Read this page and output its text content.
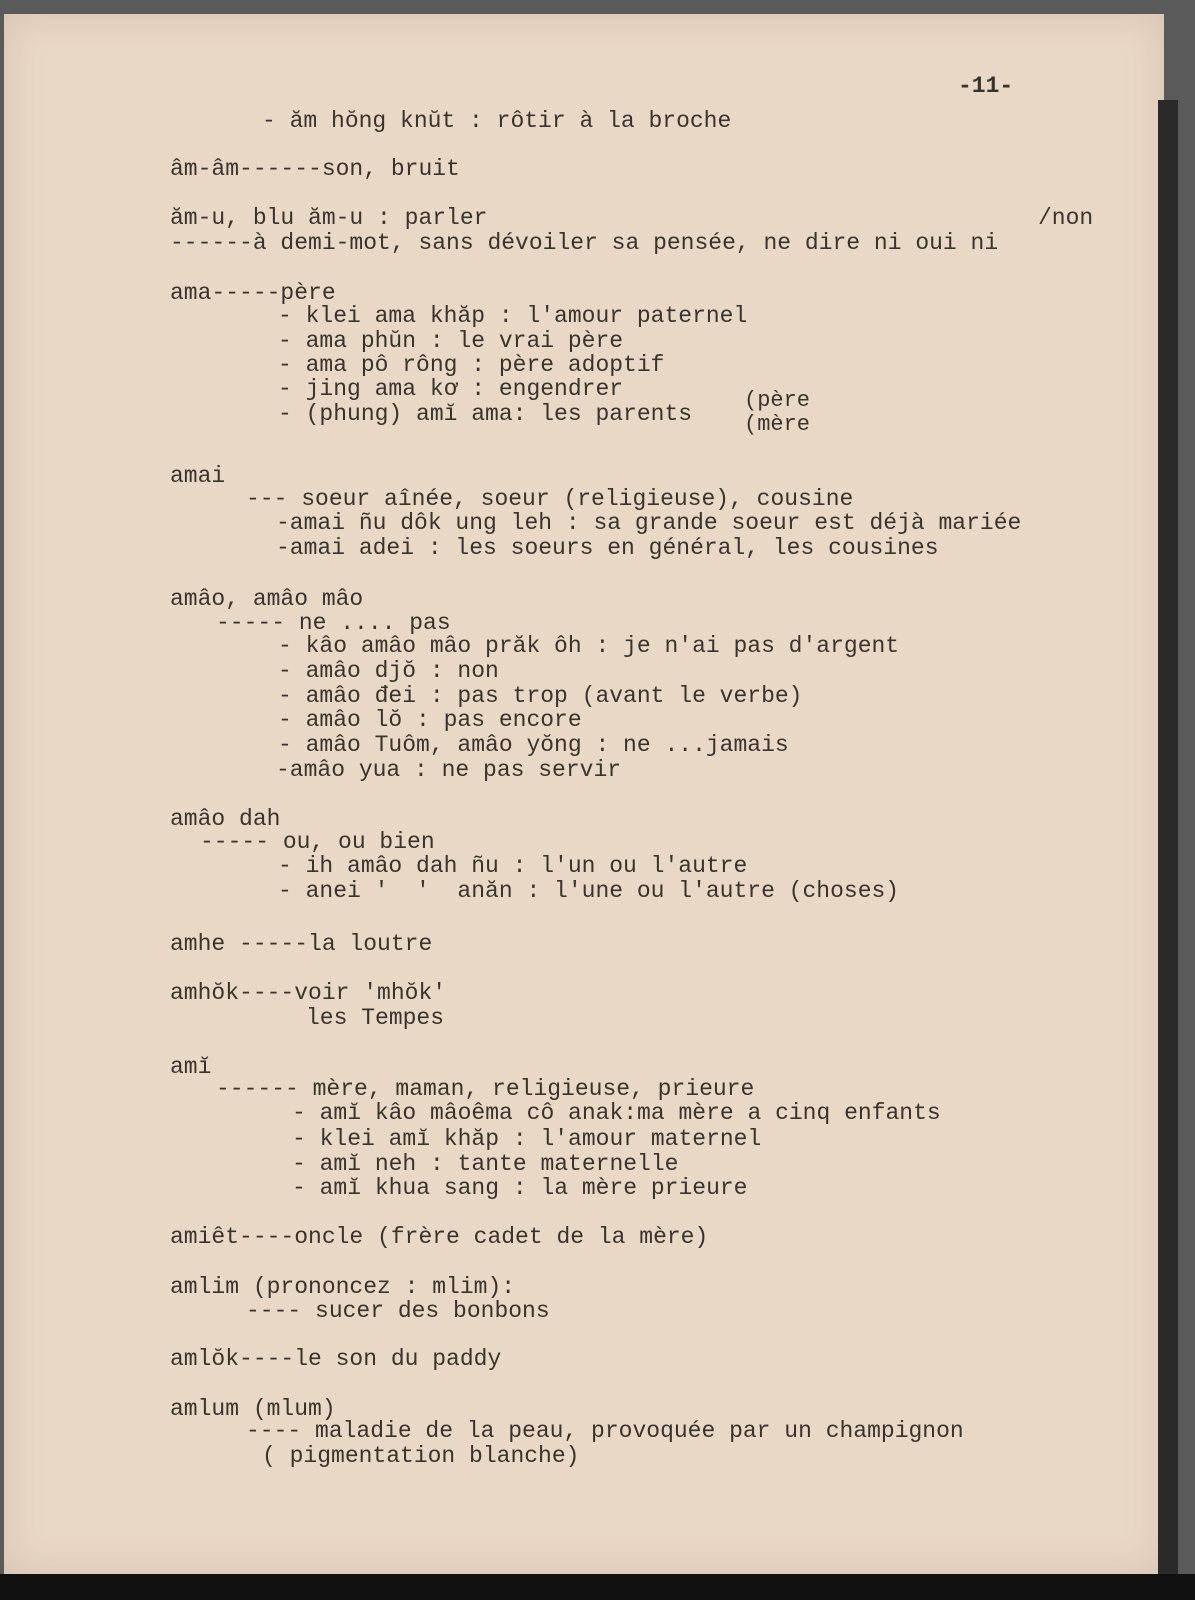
-11-
- ăm hŏng knŭt : rôtir à la broche
âm-âm------son, bruit
ăm-u, blu ăm-u : parler	/non
------à demi-mot, sans dévoiler sa pensée, ne dire ni oui ni
ama-----père
- klei ama khăp : l'amour paternel
- ama phŭn : le vrai père
- ama pô rông : père adoptif
- jing ama kơ : engendrer
- (phung) amĭ ama: les parents
(père
(mère
amai
--- soeur aînée, soeur (religieuse), cousine
-amai ñu dôk ung leh : sa grande soeur est déjà mariée
-amai adei : les soeurs en général, les cousines
amâo, amâo mâo
----- ne .... pas
- kâo amâo mâo prăk ôh : je n'ai pas d'argent
- amâo djŏ : non
- amâo đei : pas trop (avant le verbe)
- amâo lŏ : pas encore
- amâo Tuôm, amâo yŏng : ne ...jamais
-amâo yua : ne pas servir
amâo dah
----- ou, ou bien
- ih amâo dah ñu : l'un ou l'autre
- anei '  '  anăn : l'une ou l'autre (choses)
amhe -----la loutre
amhŏk----voir 'mhŏk'
les Tempes
amĭ
------ mère, maman, religieuse, prieure
- amĭ kâo mâoêma cô anak:ma mère a cinq enfants
- klei amĭ khăp : l'amour maternel
- amĭ neh : tante maternelle
- amĭ khua sang : la mère prieure
amiêt----oncle (frère cadet de la mère)
amlim (prononcez : mlim):
---- sucer des bonbons
amlŏk----le son du paddy
amlum (mlum)
---- maladie de la peau, provoquée par un champignon
( pigmentation blanche)
